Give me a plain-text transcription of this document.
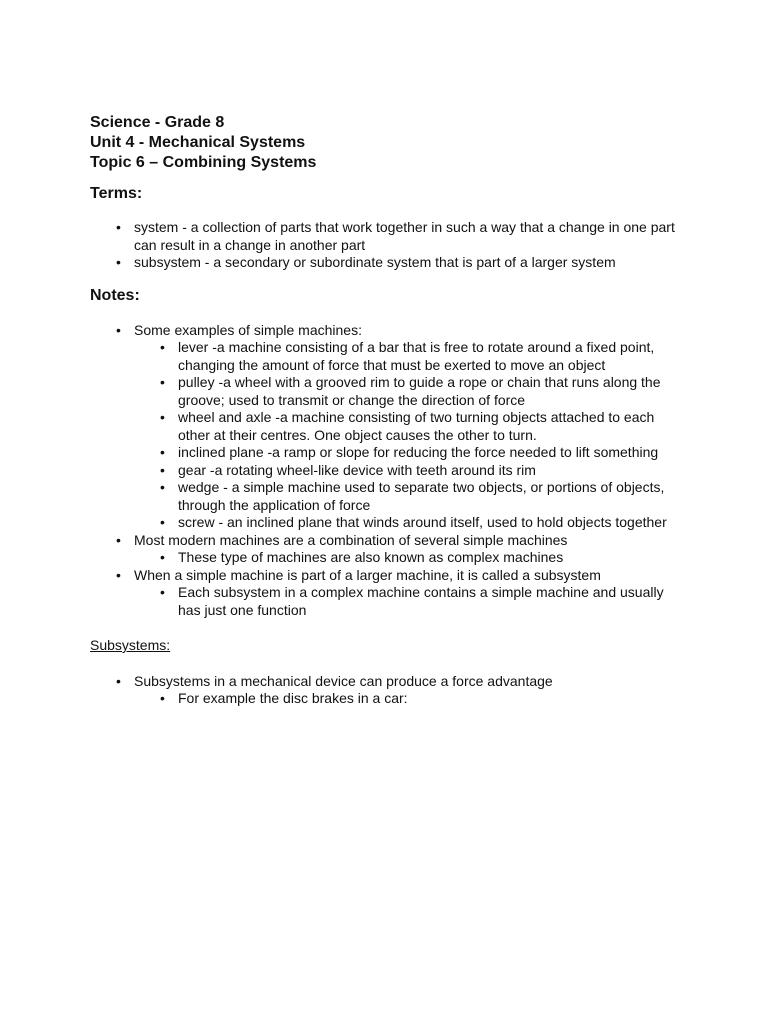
Science - Grade 8

Unit 4 - Mechanical Systems

Topic 6 – Combining Systems

Terms:

• system - a collection of parts that work together in such a way that a change in one part can result in a change in another part
• subsystem - a secondary or subordinate system that is part of a larger system

Notes:

• Some examples of simple machines:
• lever -a machine consisting of a bar that is free to rotate around a fixed point, changing the amount of force that must be exerted to move an object
• pulley -a wheel with a grooved rim to guide a rope or chain that runs along the groove; used to transmit or change the direction of force
• wheel and axle -a machine consisting of two turning objects attached to each other at their centres. One object causes the other to turn.
• inclined plane -a ramp or slope for reducing the force needed to lift something
• gear -a rotating wheel-like device with teeth around its rim
• wedge - a simple machine used to separate two objects, or portions of objects, through the application of force
• screw - an inclined plane that winds around itself, used to hold objects together
• Most modern machines are a combination of several simple machines
• These type of machines are also known as complex machines
• When a simple machine is part of a larger machine, it is called a subsystem
• Each subsystem in a complex machine contains a simple machine and usually has just one function

Subsystems:

• Subsystems in a mechanical device can produce a force advantage
• For example the disc brakes in a car:
